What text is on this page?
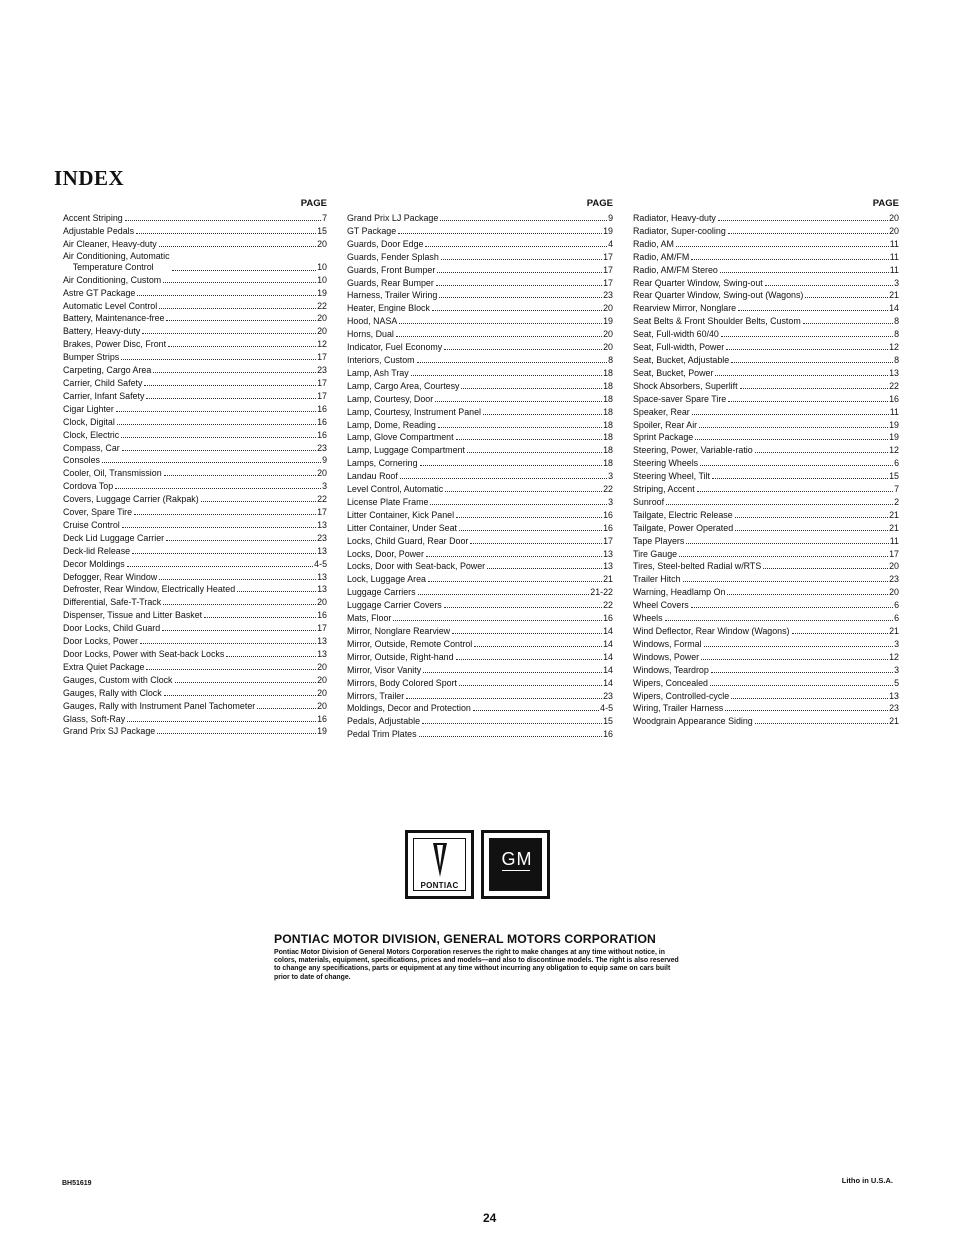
INDEX
PAGE
Accent Striping	7
Adjustable Pedals	15
Air Cleaner, Heavy-duty	20
Air Conditioning, Automatic
Temperature Control	10
Air Conditioning, Custom	10
Astre GT Package	19
Automatic Level Control	22
Battery, Maintenance-free	20
Battery, Heavy-duty	20
Brakes, Power Disc, Front	12
Bumper Strips	17
Carpeting, Cargo Area	23
Carrier, Child Safety	17
Carrier, Infant Safety	17
Cigar Lighter	16
Clock, Digital	16
Clock, Electric	16
Compass, Car	23
Consoles	9
Cooler, Oil, Transmission	20
Cordova Top	3
Covers, Luggage Carrier (Rakpak)	22
Cover, Spare Tire	17
Cruise Control	13
Deck Lid Luggage Carrier	23
Deck-lid Release	13
Decor Moldings	4-5
Defogger, Rear Window	13
Defroster, Rear Window, Electrically Heated	13
Differential, Safe-T-Track	20
Dispenser, Tissue and Litter Basket	16
Door Locks, Child Guard	17
Door Locks, Power	13
Door Locks, Power with Seat-back Locks	13
Extra Quiet Package	20
Gauges, Custom with Clock	20
Gauges, Rally with Clock	20
Gauges, Rally with Instrument Panel Tachometer	20
Glass, Soft-Ray	16
Grand Prix SJ Package	19
PAGE
Grand Prix LJ Package	9
GT Package	19
Guards, Door Edge	4
Guards, Fender Splash	17
Guards, Front Bumper	17
Guards, Rear Bumper	17
Harness, Trailer Wiring	23
Heater, Engine Block	20
Hood, NASA	19
Horns, Dual	20
Indicator, Fuel Economy	20
Interiors, Custom	8
Lamp, Ash Tray	18
Lamp, Cargo Area, Courtesy	18
Lamp, Courtesy, Door	18
Lamp, Courtesy, Instrument Panel	18
Lamp, Dome, Reading	18
Lamp, Glove Compartment	18
Lamp, Luggage Compartment	18
Lamps, Cornering	18
Landau Roof	3
Level Control, Automatic	22
License Plate Frame	3
Litter Container, Kick Panel	16
Litter Container, Under Seat	16
Locks, Child Guard, Rear Door	17
Locks, Door, Power	13
Locks, Door with Seat-back, Power	13
Lock, Luggage Area	21
Luggage Carriers	21-22
Luggage Carrier Covers	22
Mats, Floor	16
Mirror, Nonglare Rearview	14
Mirror, Outside, Remote Control	14
Mirror, Outside, Right-hand	14
Mirror, Visor Vanity	14
Mirrors, Body Colored Sport	14
Mirrors, Trailer	23
Moldings, Decor and Protection	4-5
Pedals, Adjustable	15
Pedal Trim Plates	16
PAGE
Radiator, Heavy-duty	20
Radiator, Super-cooling	20
Radio, AM	11
Radio, AM/FM	11
Radio, AM/FM Stereo	11
Rear Quarter Window, Swing-out	3
Rear Quarter Window, Swing-out (Wagons)	21
Rearview Mirror, Nonglare	14
Seat Belts & Front Shoulder Belts, Custom	8
Seat, Full-width 60/40	8
Seat, Full-width, Power	12
Seat, Bucket, Adjustable	8
Seat, Bucket, Power	13
Shock Absorbers, Superlift	22
Space-saver Spare Tire	16
Speaker, Rear	11
Spoiler, Rear Air	19
Sprint Package	19
Steering, Power, Variable-ratio	12
Steering Wheels	6
Steering Wheel, Tilt	15
Striping, Accent	7
Sunroof	2
Tailgate, Electric Release	21
Tailgate, Power Operated	21
Tape Players	11
Tire Gauge	17
Tires, Steel-belted Radial w/RTS	20
Trailer Hitch	23
Warning, Headlamp On	20
Wheel Covers	6
Wheels	6
Wind Deflector, Rear Window (Wagons)	21
Windows, Formal	3
Windows, Power	12
Windows, Teardrop	3
Wipers, Concealed	5
Wipers, Controlled-cycle	13
Wiring, Trailer Harness	23
Woodgrain Appearance Siding	21
PONTIAC
GM
PONTIAC MOTOR DIVISION, GENERAL MOTORS CORPORATION
Pontiac Motor Division of General Motors Corporation reserves the right to make changes at any time without notice, in colors, materials, equipment, specifications, prices and models—and also to discontinue models. The right is also reserved to change any specifications, parts or equipment at any time without incurring any obligation to equip same on cars built prior to date of change.
BH51619	Litho in U.S.A.
24
